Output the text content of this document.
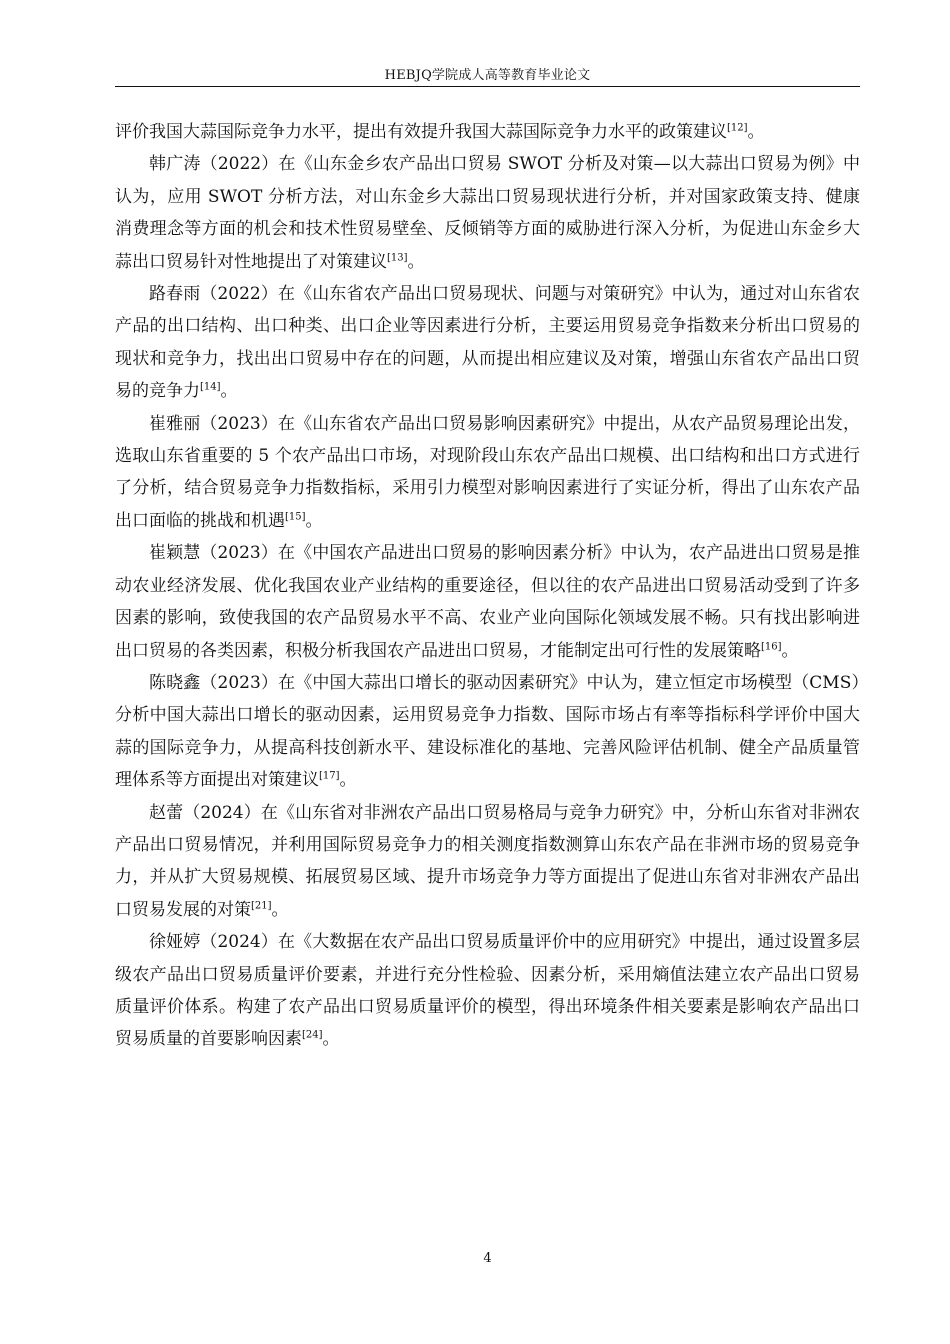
HEBJQ学院成人高等教育毕业论文

评价我国大蒜国际竞争力水平，提出有效提升我国大蒜国际竞争力水平的政策建议[12]。

韩广涛（2022）在《山东金乡农产品出口贸易 SWOT 分析及对策—以大蒜出口贸易为例》中认为，应用 SWOT 分析方法，对山东金乡大蒜出口贸易现状进行分析，并对国家政策支持、健康消费理念等方面的机会和技术性贸易壁垒、反倾销等方面的威胁进行深入分析，为促进山东金乡大蒜出口贸易针对性地提出了对策建议[13]。

路春雨（2022）在《山东省农产品出口贸易现状、问题与对策研究》中认为，通过对山东省农产品的出口结构、出口种类、出口企业等因素进行分析，主要运用贸易竞争指数来分析出口贸易的现状和竞争力，找出出口贸易中存在的问题，从而提出相应建议及对策，增强山东省农产品出口贸易的竞争力[14]。

崔雅丽（2023）在《山东省农产品出口贸易影响因素研究》中提出，从农产品贸易理论出发，选取山东省重要的 5 个农产品出口市场，对现阶段山东农产品出口规模、出口结构和出口方式进行了分析，结合贸易竞争力指数指标，采用引力模型对影响因素进行了实证分析，得出了山东农产品出口面临的挑战和机遇[15]。

崔颖慧（2023）在《中国农产品进出口贸易的影响因素分析》中认为，农产品进出口贸易是推动农业经济发展、优化我国农业产业结构的重要途径，但以往的农产品进出口贸易活动受到了许多因素的影响，致使我国的农产品贸易水平不高、农业产业向国际化领域发展不畅。只有找出影响进出口贸易的各类因素，积极分析我国农产品进出口贸易，才能制定出可行性的发展策略[16]。

陈晓鑫（2023）在《中国大蒜出口增长的驱动因素研究》中认为，建立恒定市场模型（CMS）分析中国大蒜出口增长的驱动因素，运用贸易竞争力指数、国际市场占有率等指标科学评价中国大蒜的国际竞争力，从提高科技创新水平、建设标准化的基地、完善风险评估机制、健全产品质量管理体系等方面提出对策建议[17]。

赵蕾（2024）在《山东省对非洲农产品出口贸易格局与竞争力研究》中，分析山东省对非洲农产品出口贸易情况，并利用国际贸易竞争力的相关测度指数测算山东农产品在非洲市场的贸易竞争力，并从扩大贸易规模、拓展贸易区域、提升市场竞争力等方面提出了促进山东省对非洲农产品出口贸易发展的对策[21]。

徐娅婷（2024）在《大数据在农产品出口贸易质量评价中的应用研究》中提出，通过设置多层级农产品出口贸易质量评价要素，并进行充分性检验、因素分析，采用熵值法建立农产品出口贸易质量评价体系。构建了农产品出口贸易质量评价的模型，得出环境条件相关要素是影响农产品出口贸易质量的首要影响因素[24]。

4
